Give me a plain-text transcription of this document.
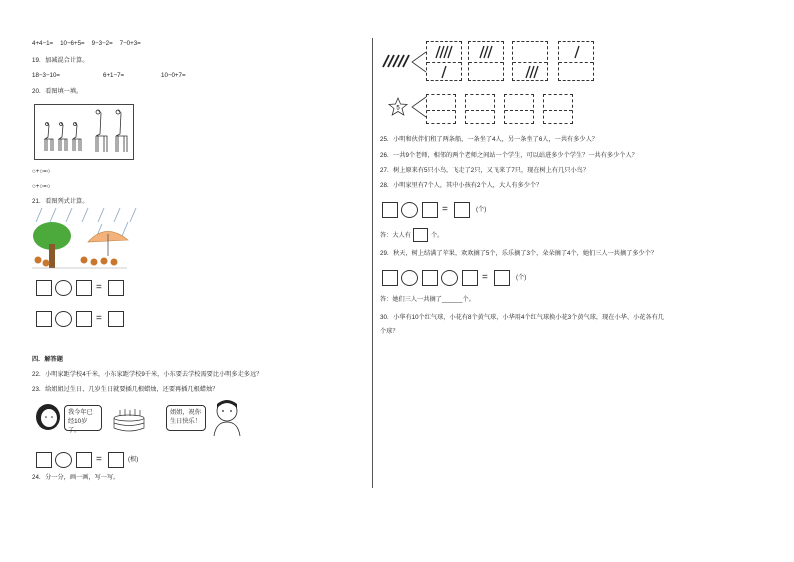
4+4−1= 10−6+5= 9−3−2= 7−0+3=
19．加减混合计算。
18−3−10=	6+1−7=	10−0+7=
20．看图填一填。
○+○=○
○+○=○
21．看图列式计算。
=
=
四．解答题
22．小明家距学校4千米，小东家距学校9千米，小东要去学校需要比小明多走多远？
23．给姐姐过生日，几岁生日就要插几根蜡烛，还要再插几根蜡烛？
我今年已经10岁了。
姐姐，祝你生日快乐！
=	(根)
24．分一分，画一画，写一写。
5
25．小明和伙伴们租了两条船，一条坐了4人，另一条坐了6人，一共有多少人？
26．一共9个老师，相邻的两个老师之间站一个学生，可以站进多少个学生？一共有多少个人？
27．树上原来有5只小鸟，飞走了2只，又飞来了7只，现在树上有几只小鸟？
28．小明家里有7个人，其中小孩有2个人，大人有多少个？
=	(个)
答：大人有	个。
29．秋天，树上结满了苹果，欢欢摘了5个，乐乐摘了3个，朵朵摘了4个，她们三人一共摘了多少个？
=	(个)
答：她们三人一共摘了______个。
30．小华有10个红气球，小花有8个黄气球，小华用4个红气球换小花3个黄气球，现在小华、小花各有几
个球？
